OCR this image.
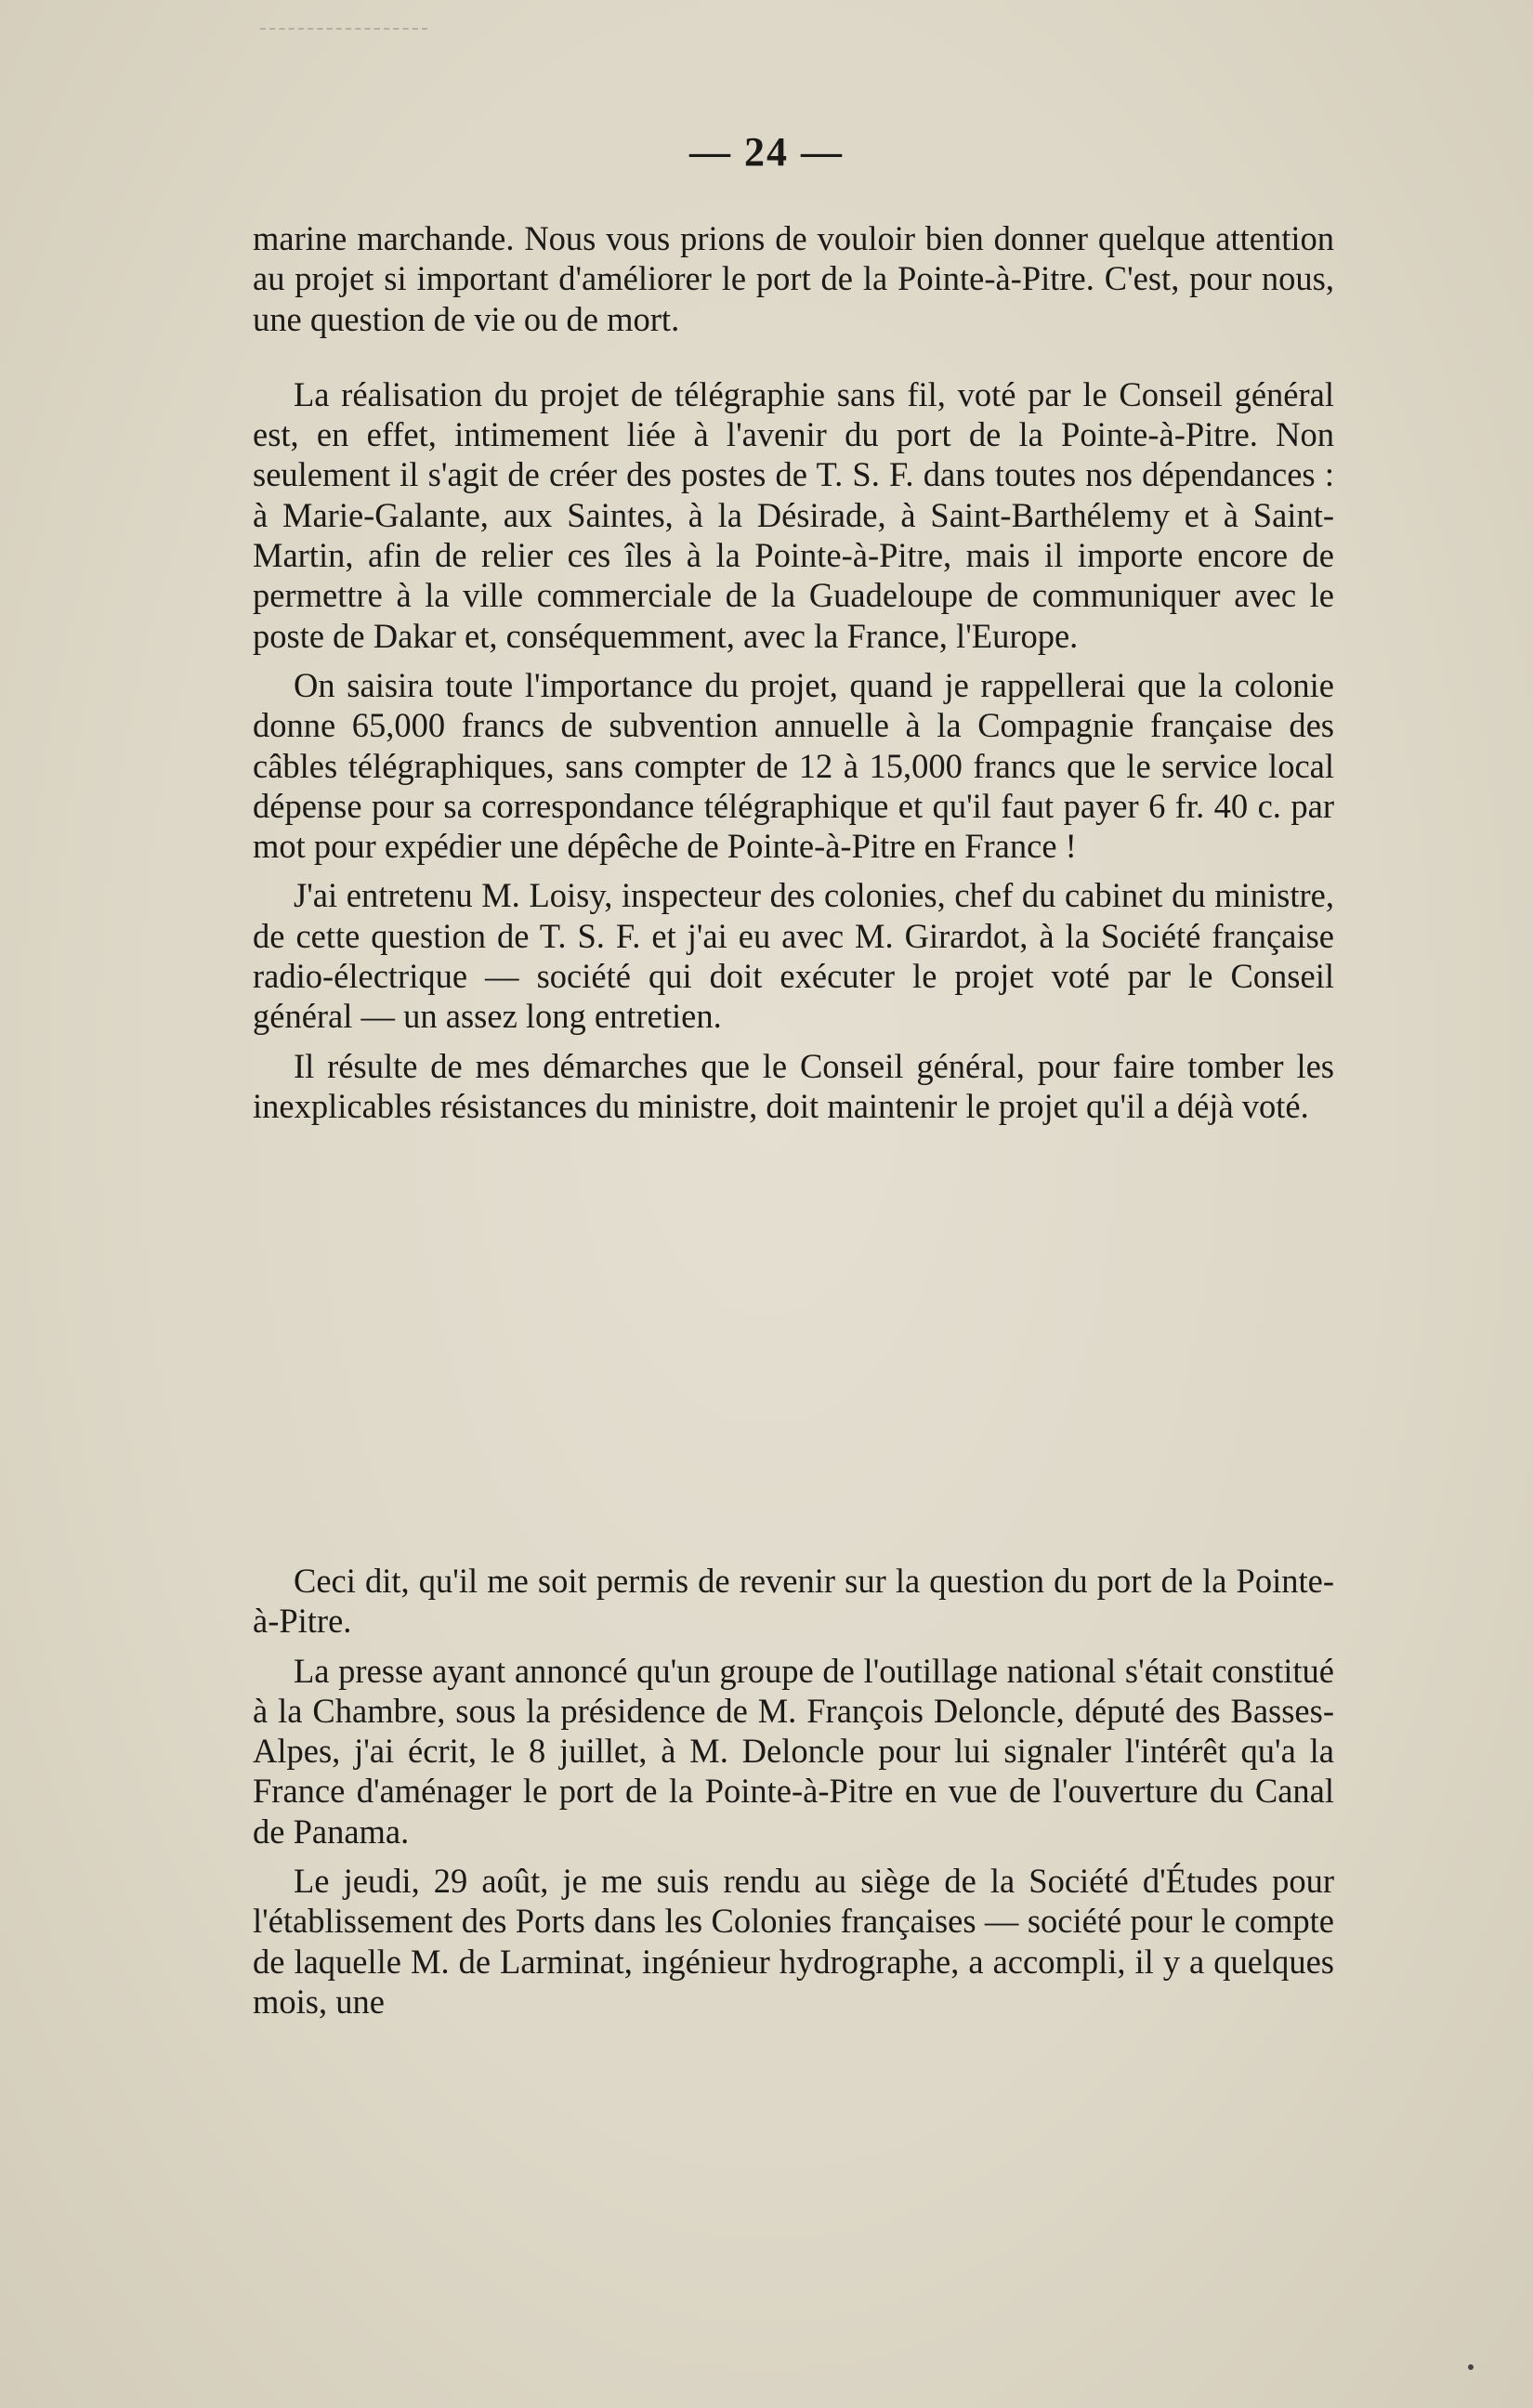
— 24 —

marine marchande. Nous vous prions de vouloir bien donner quelque attention au projet si important d'améliorer le port de la Pointe-à-Pitre. C'est, pour nous, une question de vie ou de mort.

La réalisation du projet de télégraphie sans fil, voté par le Conseil général est, en effet, intimement liée à l'avenir du port de la Pointe-à-Pitre. Non seulement il s'agit de créer des postes de T. S. F. dans toutes nos dépendances : à Marie-Galante, aux Saintes, à la Désirade, à Saint-Barthélemy et à Saint-Martin, afin de relier ces îles à la Pointe-à-Pitre, mais il importe encore de permettre à la ville commerciale de la Guadeloupe de communiquer avec le poste de Dakar et, conséquemment, avec la France, l'Europe.

On saisira toute l'importance du projet, quand je rappellerai que la colonie donne 65,000 francs de subvention annuelle à la Compagnie française des câbles télégraphiques, sans compter de 12 à 15,000 francs que le service local dépense pour sa correspondance télégraphique et qu'il faut payer 6 fr. 40 c. par mot pour expédier une dépêche de Pointe-à-Pitre en France !

J'ai entretenu M. Loisy, inspecteur des colonies, chef du cabinet du ministre, de cette question de T. S. F. et j'ai eu avec M. Girardot, à la Société française radio-électrique — société qui doit exécuter le projet voté par le Conseil général — un assez long entretien.

Il résulte de mes démarches que le Conseil général, pour faire tomber les inexplicables résistances du ministre, doit maintenir le projet qu'il a déjà voté.

Ceci dit, qu'il me soit permis de revenir sur la question du port de la Pointe-à-Pitre.

La presse ayant annoncé qu'un groupe de l'outillage national s'était constitué à la Chambre, sous la présidence de M. François Deloncle, député des Basses-Alpes, j'ai écrit, le 8 juillet, à M. Deloncle pour lui signaler l'intérêt qu'a la France d'aménager le port de la Pointe-à-Pitre en vue de l'ouverture du Canal de Panama.

Le jeudi, 29 août, je me suis rendu au siège de la Société d'Études pour l'établissement des Ports dans les Colonies françaises — société pour le compte de laquelle M. de Larminat, ingénieur hydrographe, a accompli, il y a quelques mois, une
